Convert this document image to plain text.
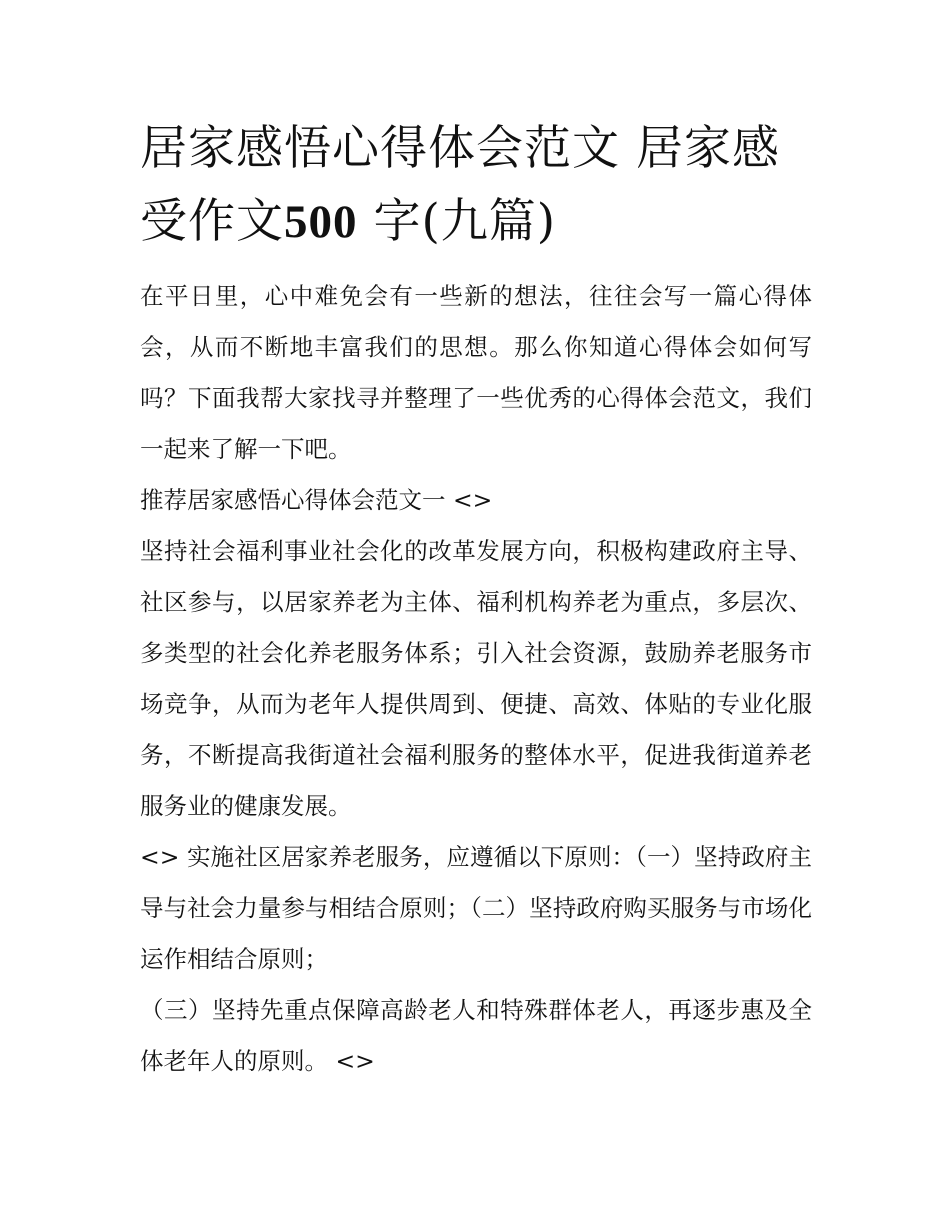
居家感悟心得体会范文 居家感受作文500 字(九篇)

在平日里，心中难免会有一些新的想法，往往会写一篇心得体会，从而不断地丰富我们的思想。那么你知道心得体会如何写吗？下面我帮大家找寻并整理了一些优秀的心得体会范文，我们一起来了解一下吧。

推荐居家感悟心得体会范文一 <>

坚持社会福利事业社会化的改革发展方向，积极构建政府主导、社区参与，以居家养老为主体、福利机构养老为重点，多层次、多类型的社会化养老服务体系；引入社会资源，鼓励养老服务市场竞争，从而为老年人提供周到、便捷、高效、体贴的专业化服务，不断提高我街道社会福利服务的整体水平，促进我街道养老服务业的健康发展。

<> 实施社区居家养老服务，应遵循以下原则：（一）坚持政府主导与社会力量参与相结合原则；（二）坚持政府购买服务与市场化运作相结合原则；

（三）坚持先重点保障高龄老人和特殊群体老人，再逐步惠及全体老年人的原则。 <>
